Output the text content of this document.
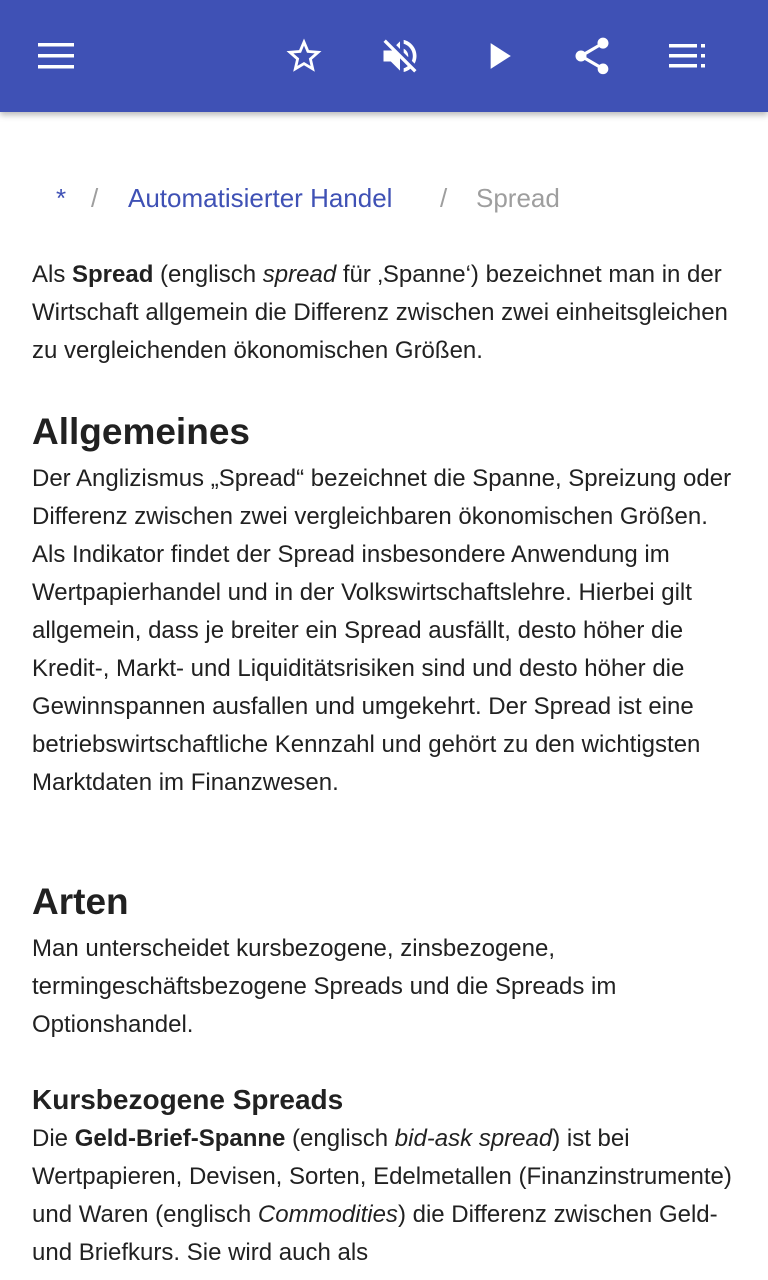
* / Automatisierter Handel / Spread

Als Spread (englisch spread für ‚Spanne‘) bezeichnet man in der Wirtschaft allgemein die Differenz zwischen zwei einheitsgleichen zu vergleichenden ökonomischen Größen.

Allgemeines

Der Anglizismus „Spread“ bezeichnet die Spanne, Spreizung oder Differenz zwischen zwei vergleichbaren ökonomischen Größen. Als Indikator findet der Spread insbesondere Anwendung im Wertpapierhandel und in der Volkswirtschaftslehre. Hierbei gilt allgemein, dass je breiter ein Spread ausfällt, desto höher die Kredit-, Markt- und Liquiditätsrisiken sind und desto höher die Gewinnspannen ausfallen und umgekehrt. Der Spread ist eine betriebswirtschaftliche Kennzahl und gehört zu den wichtigsten Marktdaten im Finanzwesen.

Arten

Man unterscheidet kursbezogene, zinsbezogene, termingeschäftsbezogene Spreads und die Spreads im Optionshandel.

Kursbezogene Spreads

Die Geld-Brief-Spanne (englisch bid-ask spread) ist bei Wertpapieren, Devisen, Sorten, Edelmetallen (Finanzinstrumente) und Waren (englisch Commodities) die Differenz zwischen Geld- und Briefkurs. Sie wird auch als
